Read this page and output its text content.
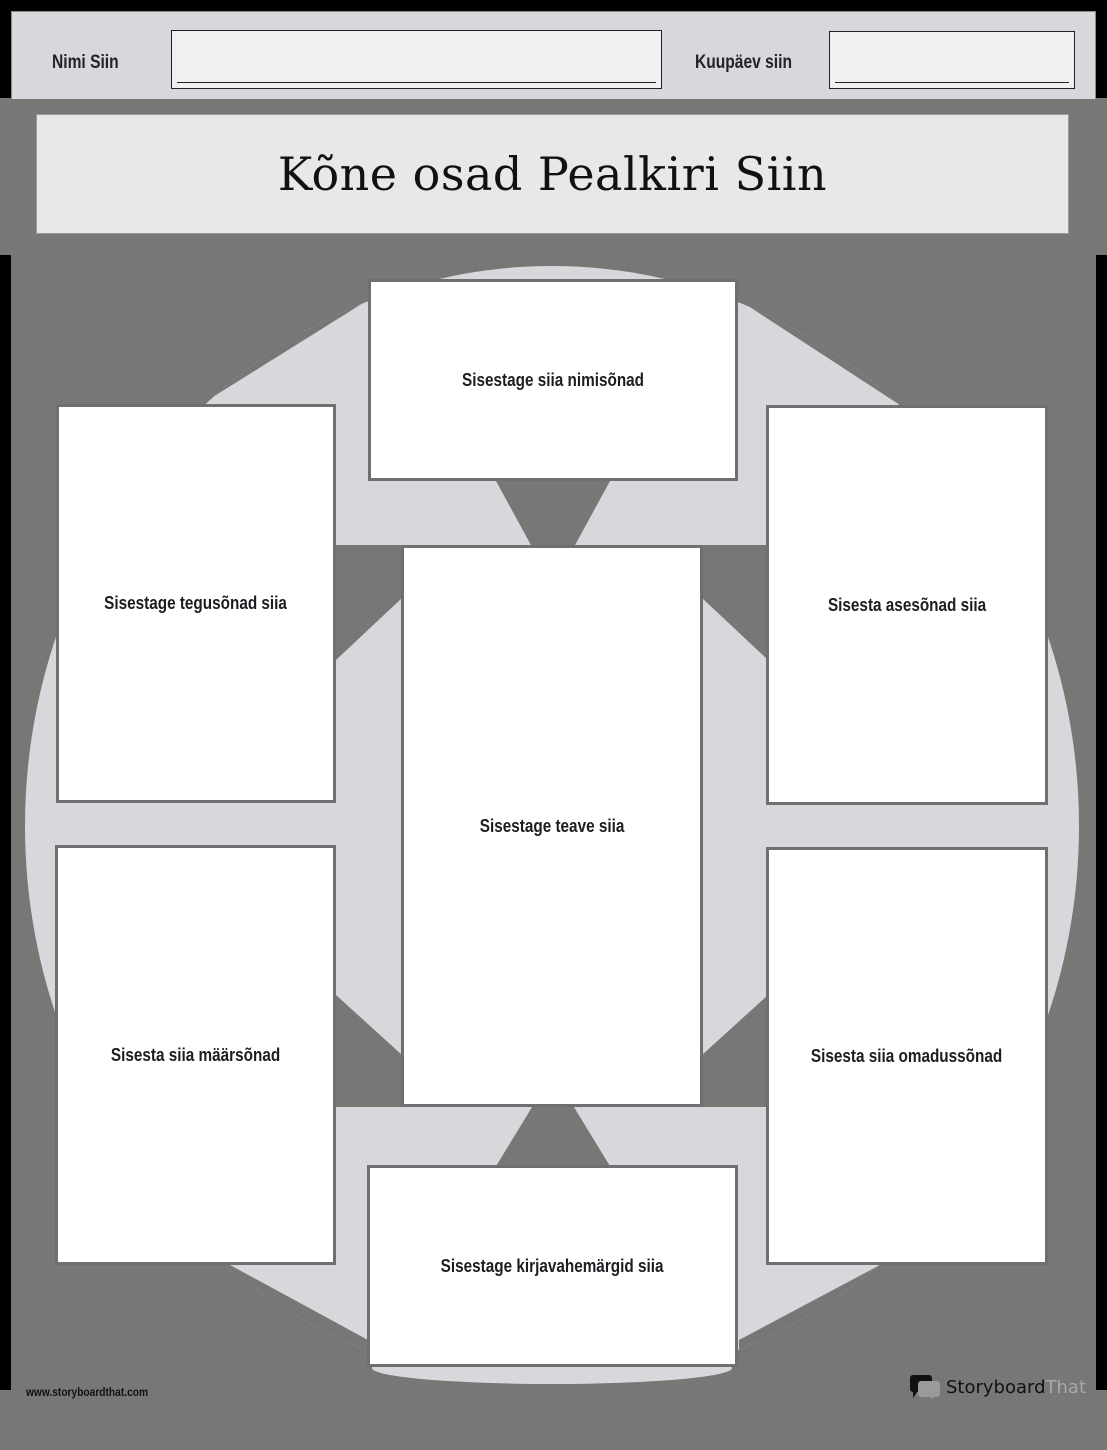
Nimi Siin	Kuupäev siin
Kõne osad Pealkiri Siin
Sisestage siia nimisõnad
Sisestage tegusõnad siia	Sisesta asesõnad siia
Sisestage teave siia
Sisesta siia määrsõnad	Sisesta siia omadussõnad
Sisestage kirjavahemärgid siia
www.storyboardthat.com	Storyboard That
